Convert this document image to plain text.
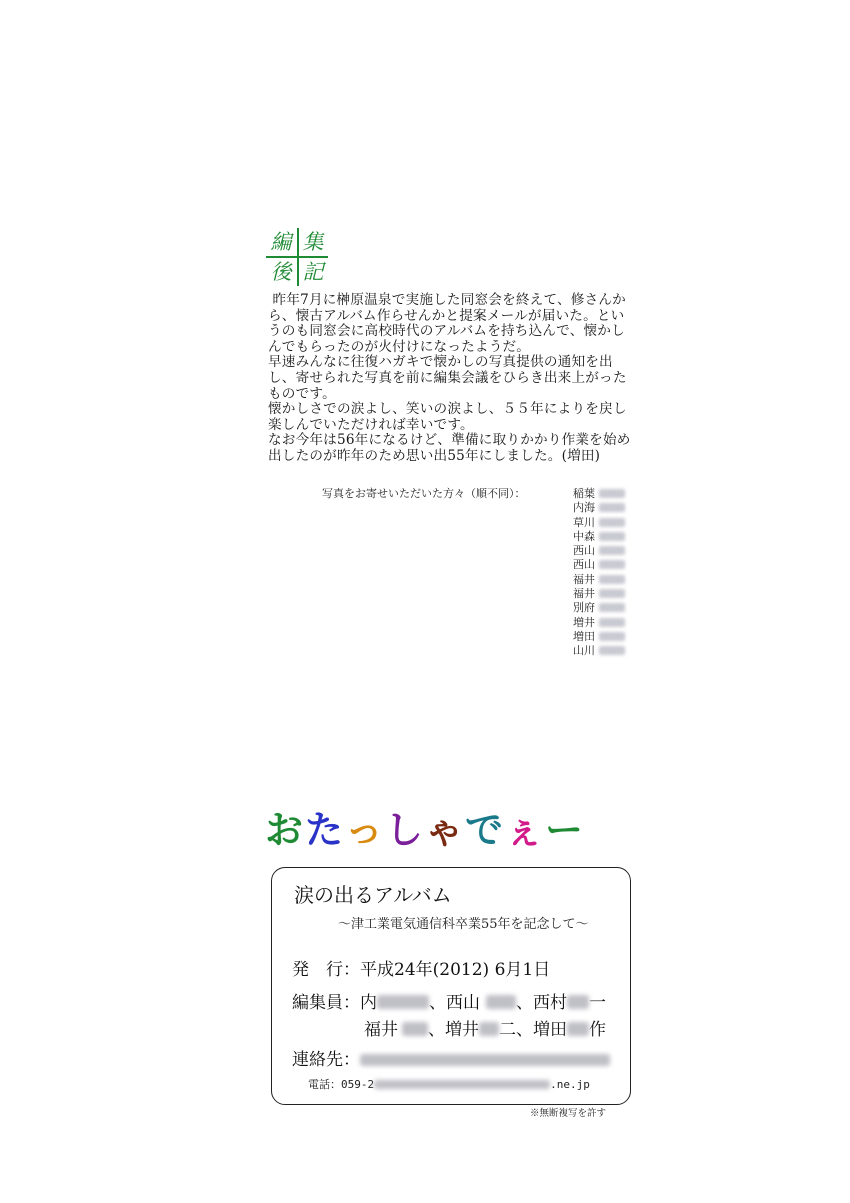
編 集
後 記

昨年7月に榊原温泉で実施した同窓会を終えて、修さんから、懐古アルバム作らせんかと提案メールが届いた。というのも同窓会に高校時代のアルバムを持ち込んで、懐かしんでもらったのが火付けになったようだ。

早速みんなに往復ハガキで懐かしの写真提供の通知を出し、寄せられた写真を前に編集会議をひらき出来上がったものです。

懐かしさでの涙よし、笑いの涙よし、５５年によりを戻し楽しんでいただければ幸いです。

なお今年は56年になるけど、準備に取りかかり作業を始め出したのが昨年のため思い出55年にしました。(増田)

写真をお寄せいただいた方々（順不同）：	稲葉
内海
草川
中森
西山
西山
福井
福井
別府
増井
増田
山川
おたっしゃでぇー
涙の出るアルバム
〜津工業電気通信科卒業55年を記念して〜
発　行：平成24年(2012) 6月1日
編集員：内	、西山 、西村 一
福井 、増井 二、増田 作
連絡先：
電話：059-2	.ne.jp
※無断複写を許す
